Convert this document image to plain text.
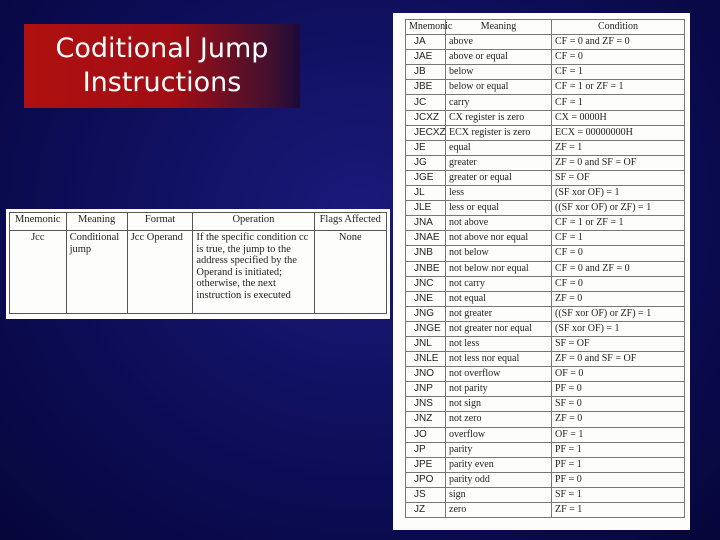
Coditional Jump
Instructions
Mnemonic	Meaning	Format	Operation	Flags Affected
Jcc	Conditional jump	Jcc Operand	If the specific condition cc is true, the jump to the address specified by the Operand is initiated; otherwise, the next instruction is executed	None
Mnemonic	Meaning	Condition
JA	above	CF = 0 and ZF = 0
JAE	above or equal	CF = 0
JB	below	CF = 1
JBE	below or equal	CF = 1 or ZF = 1
JC	carry	CF = 1
JCXZ	CX register is zero	CX = 0000H
JECXZ	ECX register is zero	ECX = 00000000H
JE	equal	ZF = 1
JG	greater	ZF = 0 and SF = OF
JGE	greater or equal	SF = OF
JL	less	(SF xor OF) = 1
JLE	less or equal	((SF xor OF) or ZF) = 1
JNA	not above	CF = 1 or ZF = 1
JNAE	not above nor equal	CF = 1
JNB	not below	CF = 0
JNBE	not below nor equal	CF = 0 and ZF = 0
JNC	not carry	CF = 0
JNE	not equal	ZF = 0
JNG	not greater	((SF xor OF) or ZF) = 1
JNGE	not greater nor equal	(SF xor OF) = 1
JNL	not less	SF = OF
JNLE	not less nor equal	ZF = 0 and SF = OF
JNO	not overflow	OF = 0
JNP	not parity	PF = 0
JNS	not sign	SF = 0
JNZ	not zero	ZF = 0
JO	overflow	OF = 1
JP	parity	PF = 1
JPE	parity even	PF = 1
JPO	parity odd	PF = 0
JS	sign	SF = 1
JZ	zero	ZF = 1
